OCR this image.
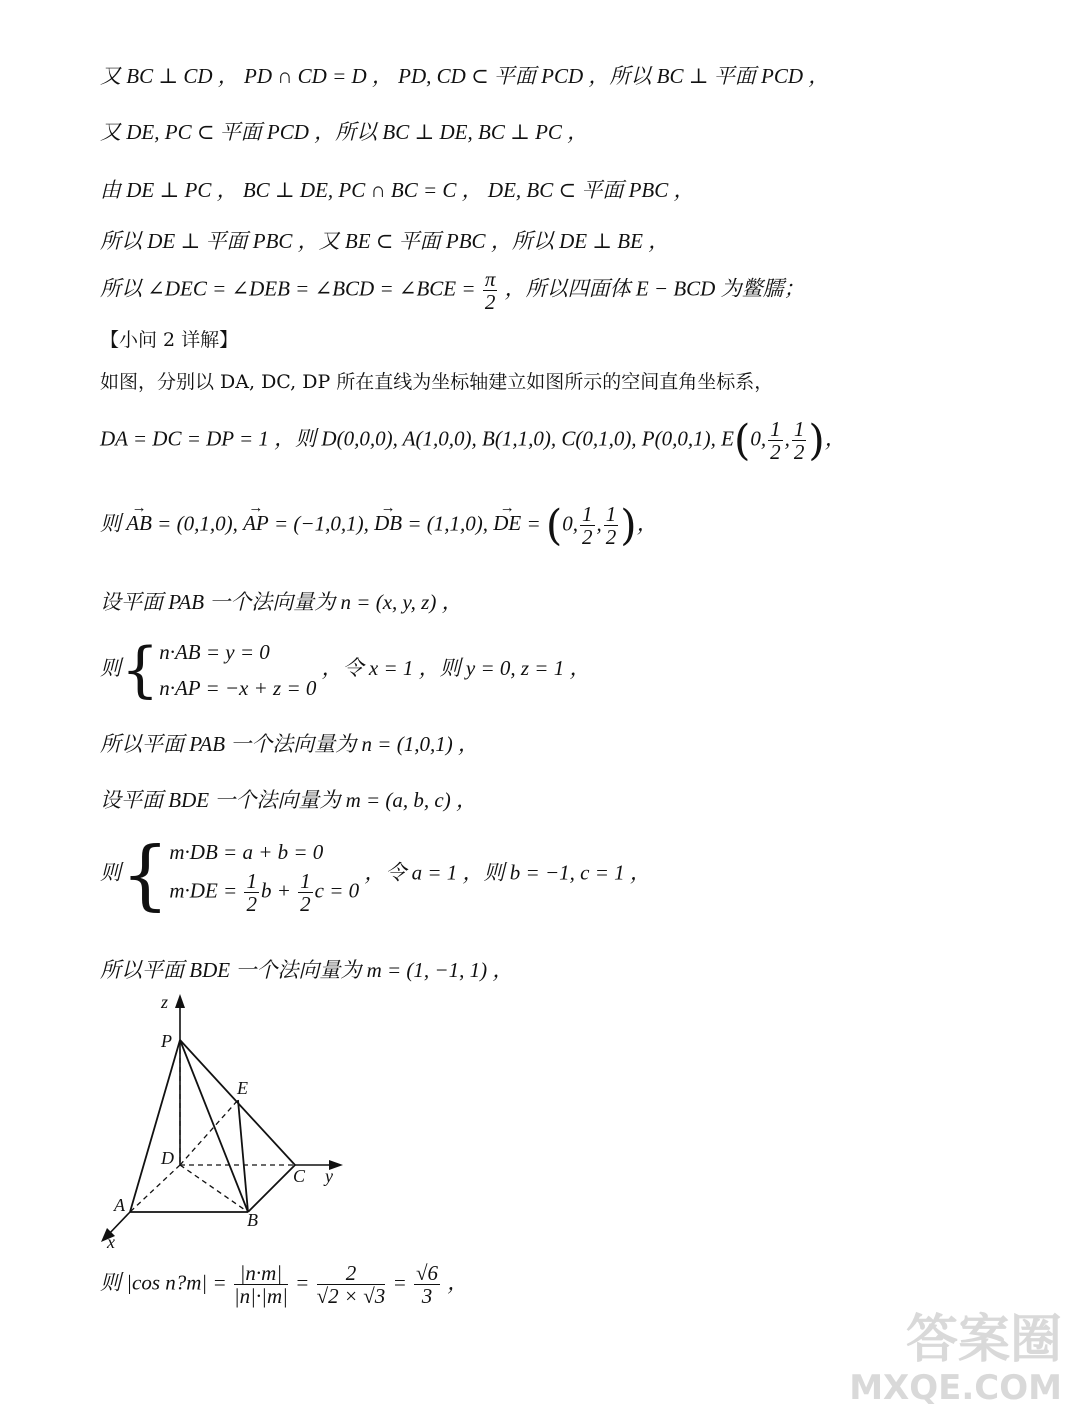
又 BC ⊥ CD ， PD ∩ CD = D ， PD, CD ⊂ 平面 PCD ，所以 BC ⊥ 平面 PCD ，
又 DE, PC ⊂ 平面 PCD ，所以 BC ⊥ DE, BC ⊥ PC ，
由 DE ⊥ PC ， BC ⊥ DE, PC ∩ BC = C ， DE, BC ⊂ 平面 PBC ，
所以 DE ⊥ 平面 PBC ，又 BE ⊂ 平面 PBC ，所以 DE ⊥ BE ，
所以 ∠DEC = ∠DEB = ∠BCD = ∠BCE = $\frac{\pi}{2}$ ，所以四面体 E − BCD 为鳖臑；
【小问 2 详解】
如图，分别以 DA, DC, DP 所在直线为坐标轴建立如图所示的空间直角坐标系，
DA = DC = DP = 1 ，则 D(0,0,0), A(1,0,0), B(1,1,0), C(0,1,0), P(0,0,1), E(0, $\frac{1}{2}$ , $\frac{1}{2}$ )，
则 → AB = (0,1,0), → AP = (−1,0,1), → DB = (1,1,0), → DE = (0, $\frac{1}{2}$ , $\frac{1}{2}$ )，
设平面 PAB 一个法向量为 n = (x, y, z) ，
则{ n·AB = y = 0
n·AP = −x + z = 0
，令 x = 1 ，则 y = 0, z = 1 ，
所以平面 PAB 一个法向量为 n = (1,0,1) ，
设平面 BDE 一个法向量为 m = (a, b, c) ，
则{ m·DB = a + b = 0
$m\cdot DE = \frac{1}{2}$ $b + \frac{1}{2}$ c = 0
，令 a = 1 ，则 b = −1, c = 1 ，
所以平面 BDE 一个法向量为 m = (1, −1, 1) ，
z
P
E
D
C y
A
B
x
则 |cos n?m| = $\frac{|n\cdot m|}{|n|\cdot|m|} = \frac{2}{√2 \times √3} = \frac{√6}{3}$ ，
答案圈
MXQE.COM
